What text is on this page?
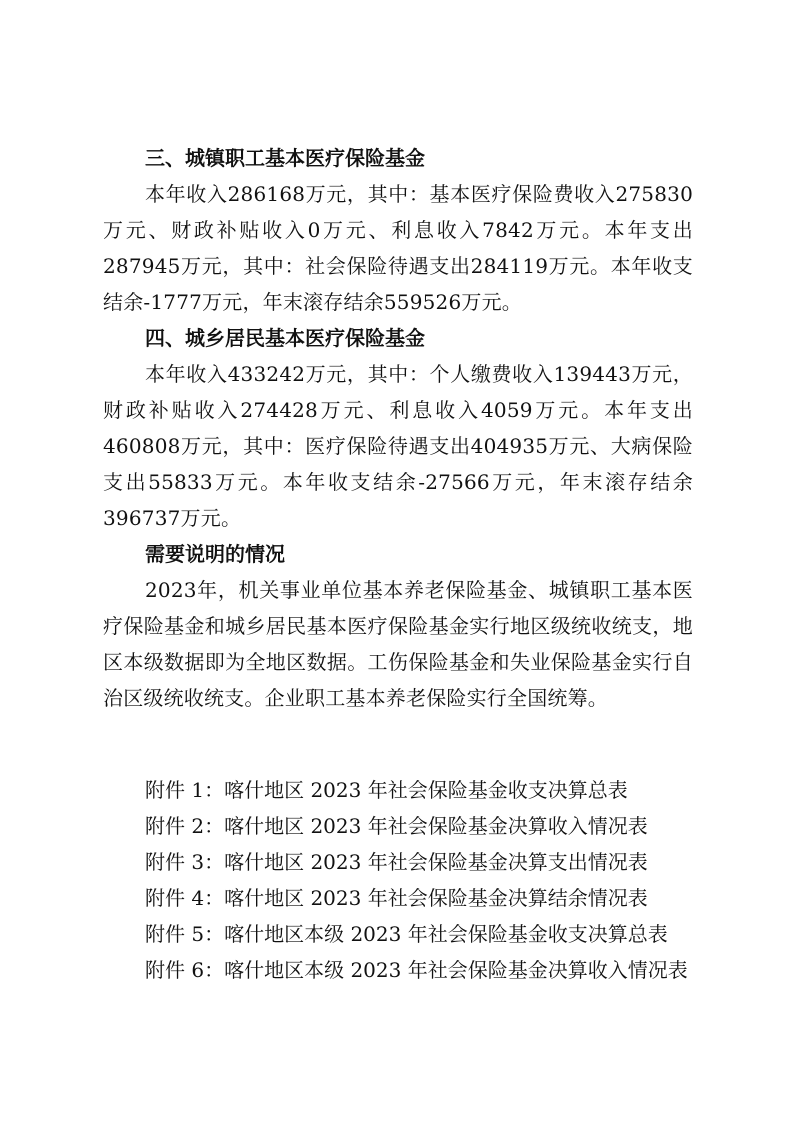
三、城镇职工基本医疗保险基金

本年收入286168万元，其中：基本医疗保险费收入275830万元、财政补贴收入0万元、利息收入7842万元。本年支出287945万元，其中：社会保险待遇支出284119万元。本年收支结余-1777万元，年末滚存结余559526万元。

四、城乡居民基本医疗保险基金

本年收入433242万元，其中：个人缴费收入139443万元，财政补贴收入274428万元、利息收入4059万元。本年支出460808万元，其中：医疗保险待遇支出404935万元、大病保险支出55833万元。本年收支结余-27566万元，年末滚存结余396737万元。

需要说明的情况

2023年，机关事业单位基本养老保险基金、城镇职工基本医疗保险基金和城乡居民基本医疗保险基金实行地区级统收统支，地区本级数据即为全地区数据。工伤保险基金和失业保险基金实行自治区级统收统支。企业职工基本养老保险实行全国统筹。

附件 1：喀什地区 2023 年社会保险基金收支决算总表

附件 2：喀什地区 2023 年社会保险基金决算收入情况表

附件 3：喀什地区 2023 年社会保险基金决算支出情况表

附件 4：喀什地区 2023 年社会保险基金决算结余情况表

附件 5：喀什地区本级 2023 年社会保险基金收支决算总表

附件 6：喀什地区本级 2023 年社会保险基金决算收入情况表
